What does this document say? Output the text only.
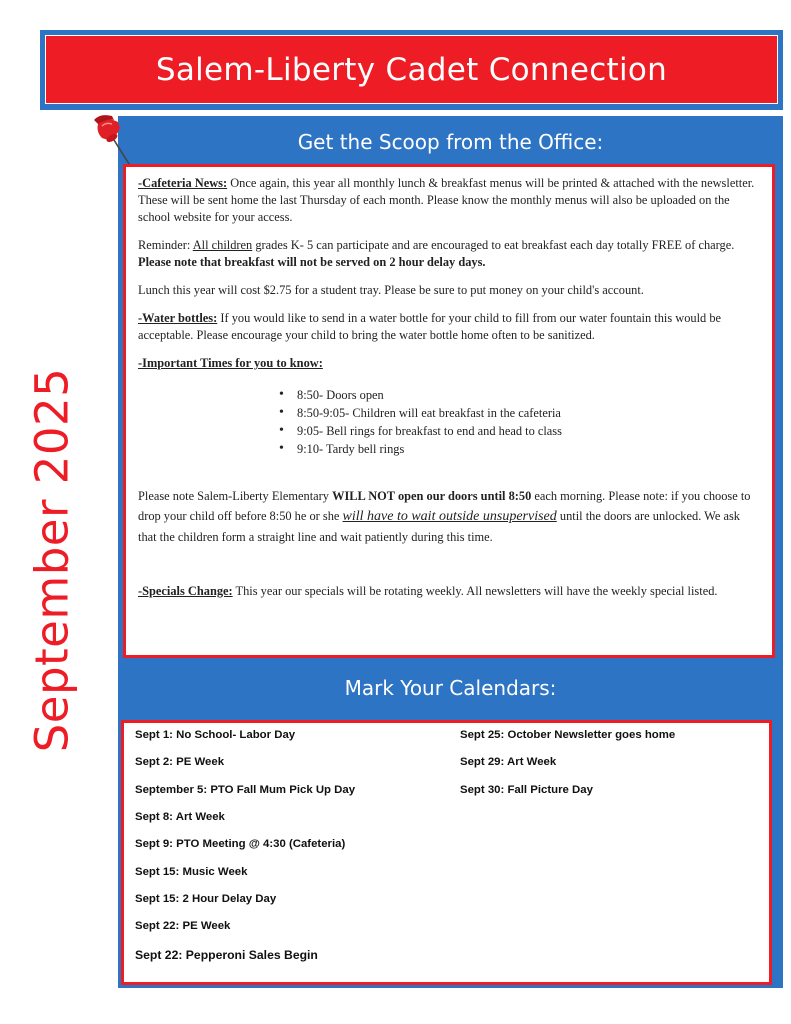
Salem-Liberty Cadet Connection
September 2025
Get the Scoop from the Office:

-Cafeteria News: Once again, this year all monthly lunch & breakfast menus will be printed & attached with the newsletter. These will be sent home the last Thursday of each month. Please know the monthly menus will also be uploaded on the school website for your access.

Reminder: All children grades K- 5 can participate and are encouraged to eat breakfast each day totally FREE of charge. Please note that breakfast will not be served on 2 hour delay days.

Lunch this year will cost $2.75 for a student tray. Please be sure to put money on your child's account.

-Water bottles: If you would like to send in a water bottle for your child to fill from our water fountain this would be acceptable. Please encourage your child to bring the water bottle home often to be sanitized.

-Important Times for you to know:

• 8:50- Doors open
• 8:50-9:05- Children will eat breakfast in the cafeteria
• 9:05- Bell rings for breakfast to end and head to class
• 9:10- Tardy bell rings

Please note Salem-Liberty Elementary WILL NOT open our doors until 8:50 each morning. Please note: if you choose to drop your child off before 8:50 he or she will have to wait outside unsupervised until the doors are unlocked. We ask that the children form a straight line and wait patiently during this time.

-Specials Change: This year our specials will be rotating weekly. All newsletters will have the weekly special listed.

Mark Your Calendars:
Sept 1: No School- Labor Day
Sept 2: PE Week
September 5: PTO Fall Mum Pick Up Day
Sept 8: Art Week
Sept 9: PTO Meeting @ 4:30 (Cafeteria)
Sept 15: Music Week
Sept 15: 2 Hour Delay Day
Sept 22: PE Week
Sept 22: Pepperoni Sales Begin
Sept 25: October Newsletter goes home
Sept 29: Art Week
Sept 30: Fall Picture Day
